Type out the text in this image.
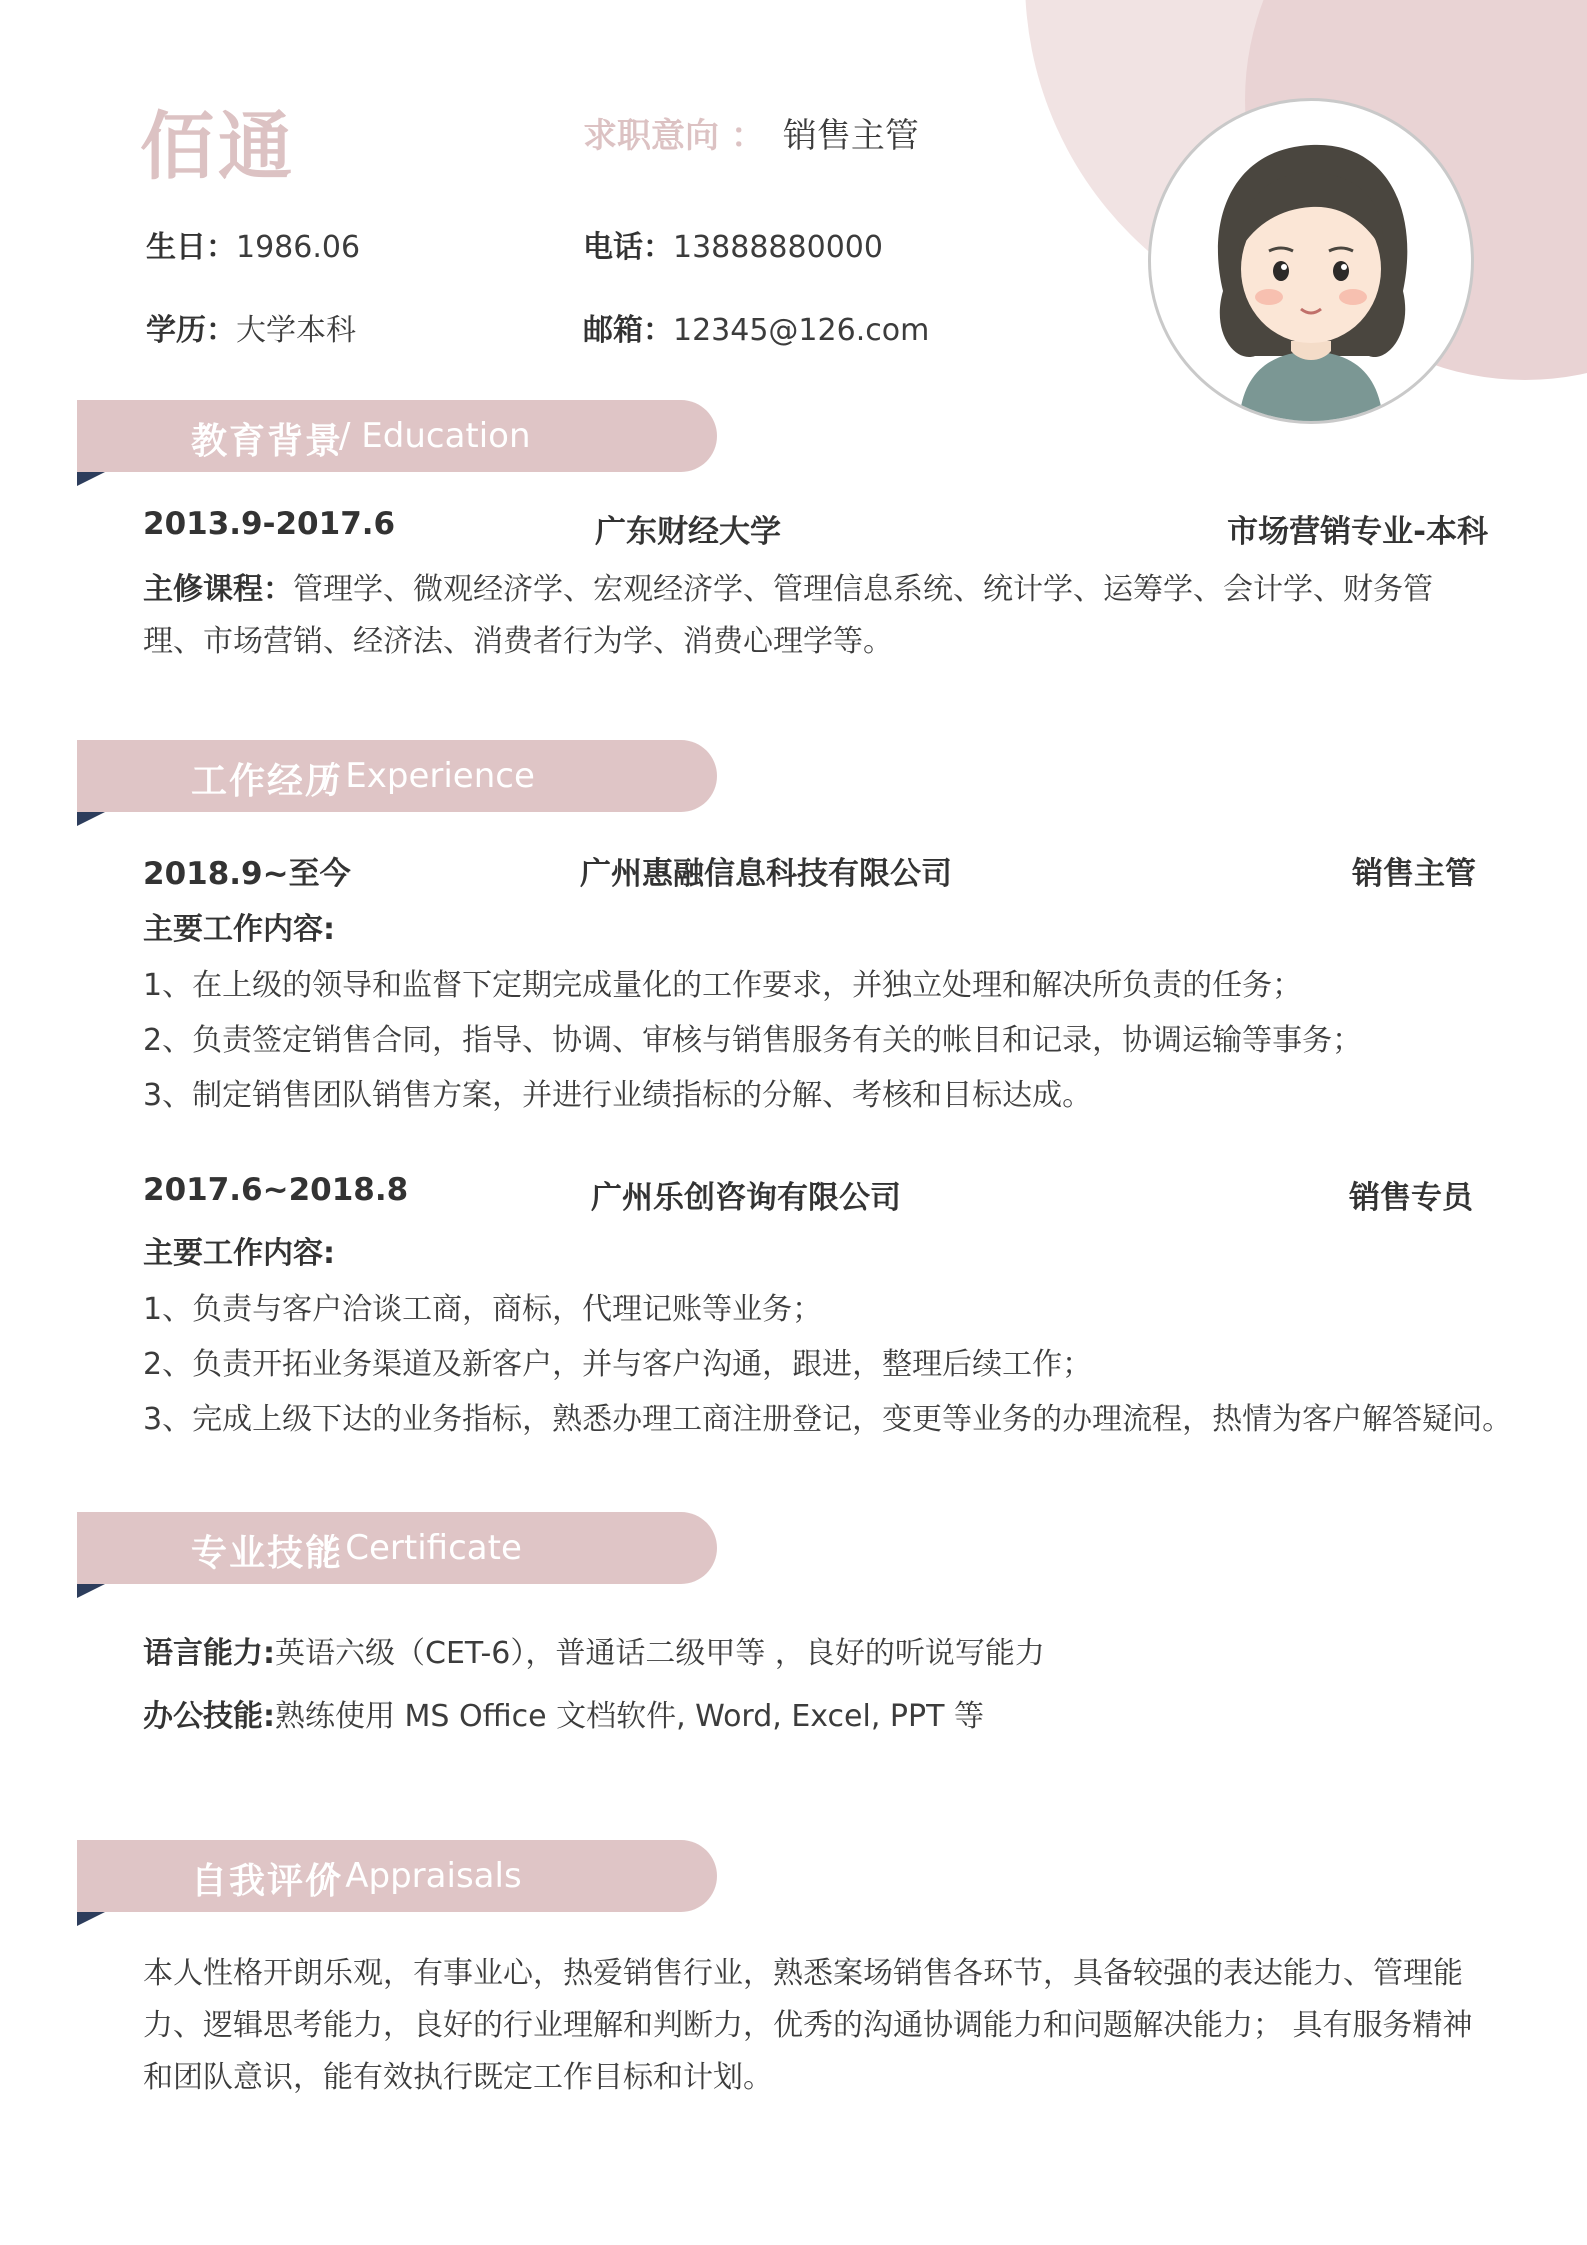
佰通	求职意向 ： 销售主管
生日：1986.06	电话：13888880000
学历：大学本科	邮箱：12345@126.com
教育背景
/ Education
2013.9-2017.6	广东财经大学	市场营销专业-本科
主修课程：管理学、微观经济学、宏观经济学、管理信息系统、统计学、运筹学、会计学、财务管理、市场营销、经济法、消费者行为学、消费心理学等。
工作经历
/ Experience
2018.9~至今	广州惠融信息科技有限公司	销售主管
主要工作内容:
1、在上级的领导和监督下定期完成量化的工作要求，并独立处理和解决所负责的任务；
2、负责签定销售合同，指导、协调、审核与销售服务有关的帐目和记录，协调运输等事务；
3、制定销售团队销售方案，并进行业绩指标的分解、考核和目标达成。
2017.6~2018.8	广州乐创咨询有限公司	销售专员
主要工作内容:
1、负责与客户洽谈工商，商标，代理记账等业务；
2、负责开拓业务渠道及新客户，并与客户沟通，跟进，整理后续工作；
3、完成上级下达的业务指标，熟悉办理工商注册登记，变更等业务的办理流程，热情为客户解答疑问。
专业技能
/ Certificate
语言能力:英语六级（CET-6），普通话二级甲等 ，良好的听说写能力
办公技能:熟练使用 MS Office 文档软件, Word, Excel, PPT 等
自我评价
/ Appraisals
本人性格开朗乐观，有事业心，热爱销售行业，熟悉案场销售各环节，具备较强的表达能力、管理能力、逻辑思考能力，良好的行业理解和判断力，优秀的沟通协调能力和问题解决能力； 具有服务精神和团队意识，能有效执行既定工作目标和计划。
